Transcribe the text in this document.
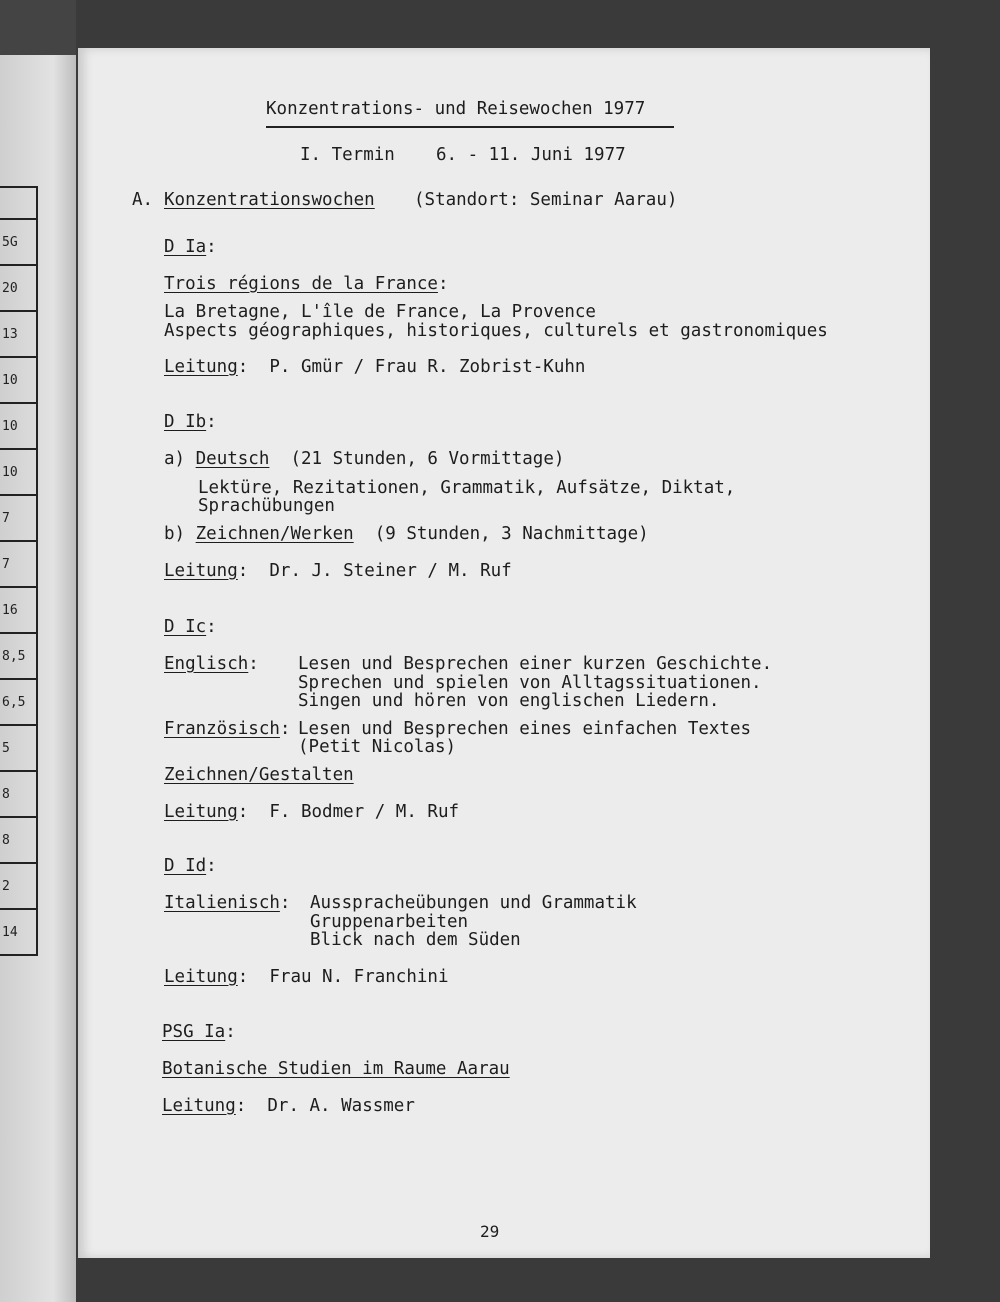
5G
20
13
10
10
10
7
7
16
8,5
6,5
5
8
8
2
14
Konzentrations- und Reisewochen 1977
I. Termin 6. - 11. Juni 1977
A. Konzentrationswochen (Standort: Seminar Aarau)
D Ia:
Trois régions de la France:
La Bretagne, L'île de France, La Provence
Aspects géographiques, historiques, culturels et gastronomiques
Leitung:  P. Gmür / Frau R. Zobrist-Kuhn
D Ib:
a) Deutsch (21 Stunden, 6 Vormittage)
Lektüre, Rezitationen, Grammatik, Aufsätze, Diktat,
Sprachübungen
b) Zeichnen/Werken (9 Stunden, 3 Nachmittage)
Leitung:  Dr. J. Steiner / M. Ruf
D Ic:
Englisch: Lesen und Besprechen einer kurzen Geschichte.
Sprechen und spielen von Alltagssituationen.
Singen und hören von englischen Liedern.
Französisch: Lesen und Besprechen eines einfachen Textes
(Petit Nicolas)
Zeichnen/Gestalten
Leitung:  F. Bodmer / M. Ruf
D Id:
Italienisch: Ausspracheübungen und Grammatik
Gruppenarbeiten
Blick nach dem Süden
Leitung:  Frau N. Franchini
PSG Ia:
Botanische Studien im Raume Aarau
Leitung:  Dr. A. Wassmer
29
